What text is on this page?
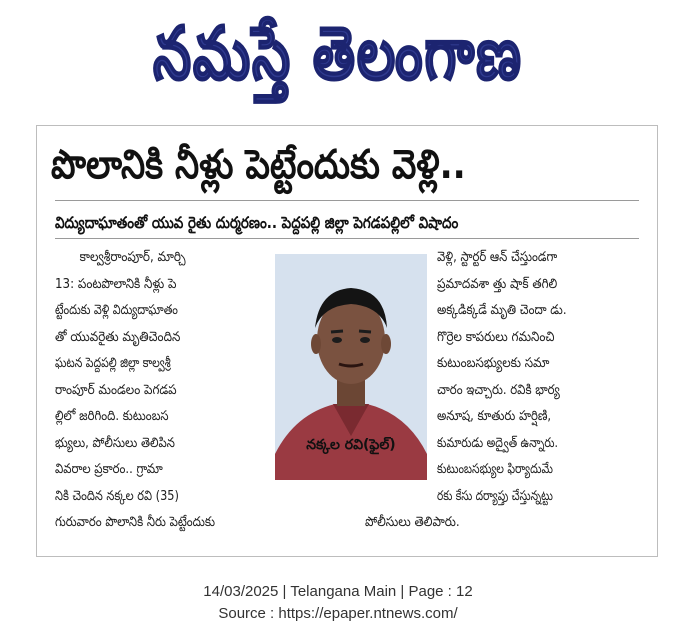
నమస్తే తెలంగాణ
పొలానికి నీళ్లు పెట్టేందుకు వెళ్లి..
విద్యుదాఘాతంతో యువ రైతు దుర్మరణం.. పెద్దపల్లి జిల్లా పెగడపల్లిలో విషాదం
కాల్వశ్రీరాంపూర్‌, మార్చి
13: పంటపొలానికి నీళ్లు పె
ట్టేందుకు వెళ్లి విద్యుదాఘాతం
తో యువరైతు మృతిచెందిన
ఘటన పెద్దపల్లి జిల్లా కాల్వశ్రీ
రాంపూర్‌ మండలం పెగడప
ల్లిలో జరిగింది. కుటుంబస
భ్యులు, పోలీసులు తెలిపిన
వివరాల ప్రకారం.. గ్రామా
నికి చెందిన నక్కల రవి (35)
గురువారం పొలానికి నీరు పెట్టేందుకు
నక్కల రవి(ఫైల్‌)
వెళ్లి, స్టార్టర్‌ ఆన్‌ చేస్తుండగా
ప్రమాదవశా త్తు షాక్‌ తగిలి
అక్కడిక్కడే మృతి చెందా డు.
గొర్రెల కాపరులు గమనించి
కుటుంబసభ్యులకు సమా
చారం ఇచ్చారు. రవికి భార్య
అనూష, కూతురు హర్షిణి,
కుమారుడు అద్వైత్‌ ఉన్నారు.
కుటుంబసభ్యుల ఫిర్యాదుమే
రకు కేసు దర్యాప్తు చేస్తున్నట్టు
పోలీసులు తెలిపారు.
14/03/2025 | Telangana Main | Page : 12
Source : https://epaper.ntnews.com/
